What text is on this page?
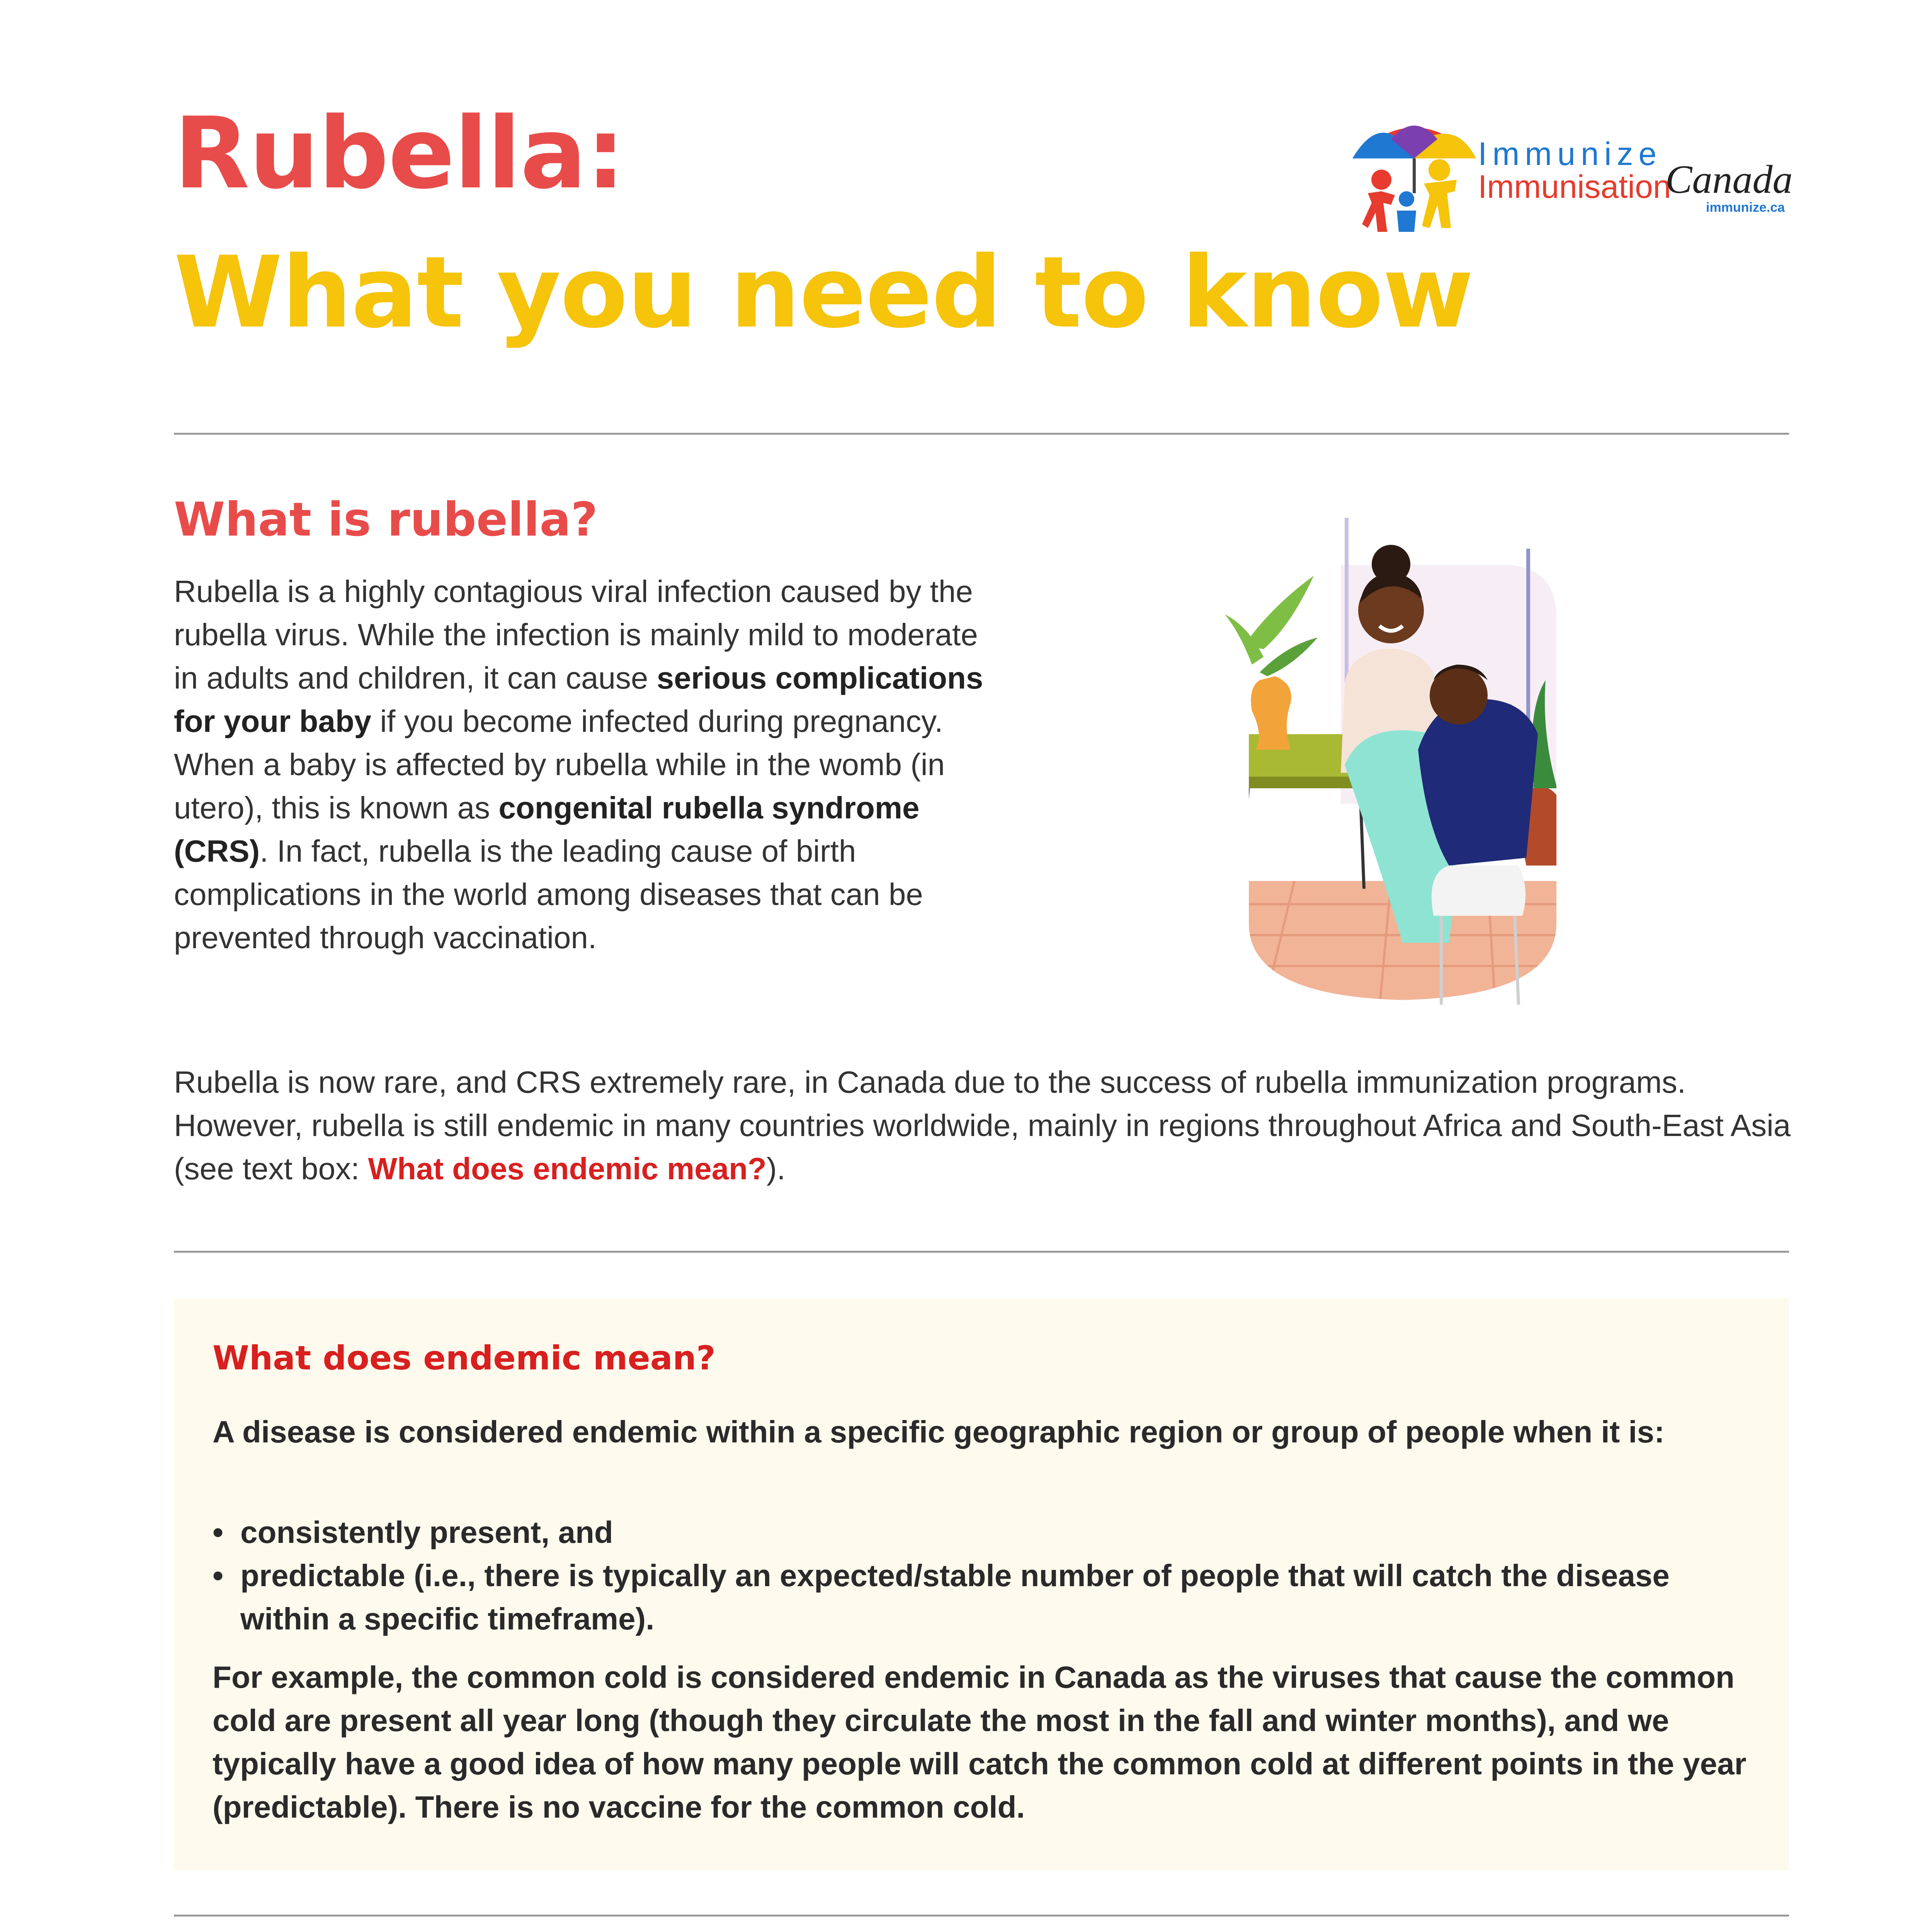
Rubella:
What you need to know
Immunize
Immunisation
Canada
immunize.ca
What is rubella?

Rubella is a highly contagious viral infection caused by the rubella virus. While the infection is mainly mild to moderate in adults and children, it can cause serious complications for your baby if you become infected during pregnancy. When a baby is affected by rubella while in the womb (in utero), this is known as congenital rubella syndrome (CRS). In fact, rubella is the leading cause of birth complications in the world among diseases that can be prevented through vaccination.

Rubella is now rare, and CRS extremely rare, in Canada due to the success of rubella immunization programs. However, rubella is still endemic in many countries worldwide, mainly in regions throughout Africa and South-East Asia (see text box: What does endemic mean?).

What does endemic mean?

A disease is considered endemic within a specific geographic region or group of people when it is:

• consistently present, and
• predictable (i.e., there is typically an expected/stable number of people that will catch the disease within a specific timeframe).

For example, the common cold is considered endemic in Canada as the viruses that cause the common cold are present all year long (though they circulate the most in the fall and winter months), and we typically have a good idea of how many people will catch the common cold at different points in the year (predictable). There is no vaccine for the common cold.
